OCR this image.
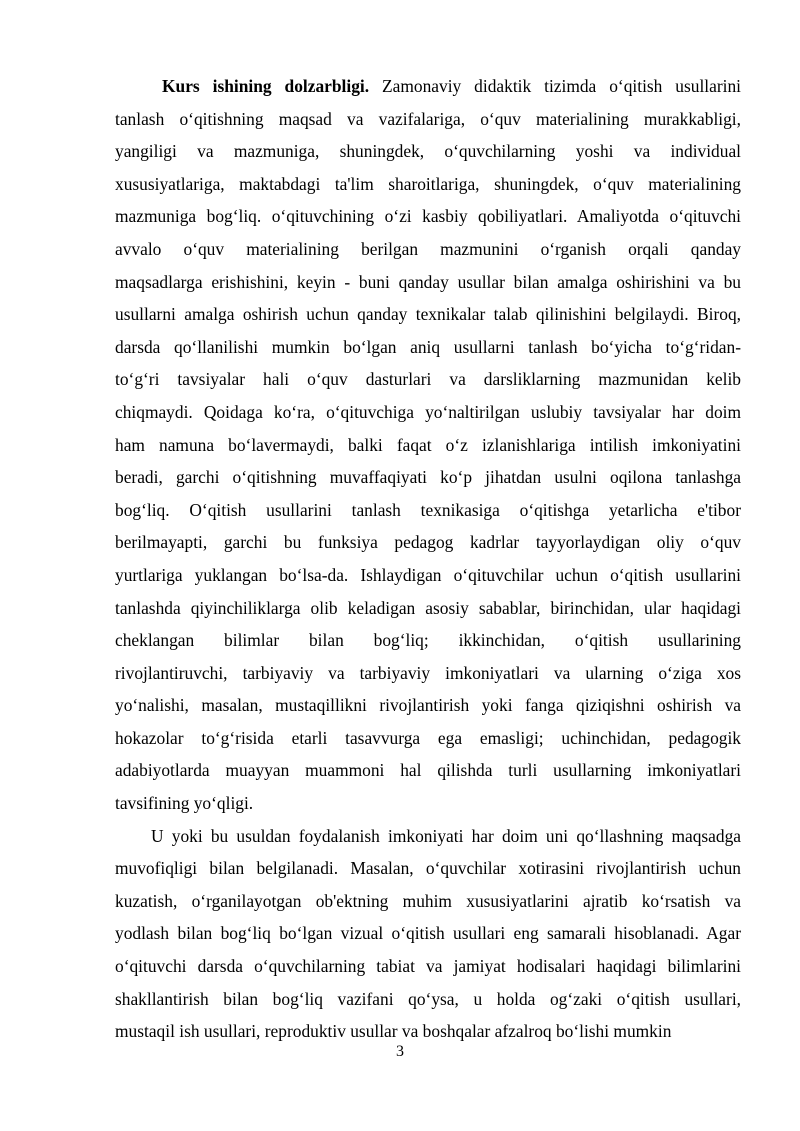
Kurs ishining dolzarbligi. Zamonaviy didaktik tizimda o‘qitish usullarini
tanlash o‘qitishning maqsad va vazifalariga, o‘quv materialining murakkabligi,
yangiligi va mazmuniga, shuningdek, o‘quvchilarning yoshi va individual
xususiyatlariga, maktabdagi ta'lim sharoitlariga, shuningdek, o‘quv materialining
mazmuniga bog‘liq. o‘qituvchining o‘zi kasbiy qobiliyatlari. Amaliyotda o‘qituvchi
avvalo o‘quv materialining berilgan mazmunini o‘rganish orqali qanday
maqsadlarga erishishini, keyin - buni qanday usullar bilan amalga oshirishini va bu
usullarni amalga oshirish uchun qanday texnikalar talab qilinishini belgilaydi. Biroq,
darsda qo‘llanilishi mumkin bo‘lgan aniq usullarni tanlash bo‘yicha to‘g‘ridan-
to‘g‘ri tavsiyalar hali o‘quv dasturlari va darsliklarning mazmunidan kelib
chiqmaydi. Qoidaga ko‘ra, o‘qituvchiga yo‘naltirilgan uslubiy tavsiyalar har doim
ham namuna bo‘lavermaydi, balki faqat o‘z izlanishlariga intilish imkoniyatini
beradi, garchi o‘qitishning muvaffaqiyati ko‘p jihatdan usulni oqilona tanlashga
bog‘liq. O‘qitish usullarini tanlash texnikasiga o‘qitishga yetarlicha e'tibor
berilmayapti, garchi bu funksiya pedagog kadrlar tayyorlaydigan oliy o‘quv
yurtlariga yuklangan bo‘lsa-da. Ishlaydigan o‘qituvchilar uchun o‘qitish usullarini
tanlashda qiyinchiliklarga olib keladigan asosiy sabablar, birinchidan, ular haqidagi
cheklangan bilimlar bilan bog‘liq; ikkinchidan, o‘qitish usullarining
rivojlantiruvchi, tarbiyaviy va tarbiyaviy imkoniyatlari va ularning o‘ziga xos
yo‘nalishi, masalan, mustaqillikni rivojlantirish yoki fanga qiziqishni oshirish va
hokazolar to‘g‘risida etarli tasavvurga ega emasligi; uchinchidan, pedagogik
adabiyotlarda muayyan muammoni hal qilishda turli usullarning imkoniyatlari
tavsifining yo‘qligi.
U yoki bu usuldan foydalanish imkoniyati har doim uni qo‘llashning maqsadga
muvofiqligi bilan belgilanadi. Masalan, o‘quvchilar xotirasini rivojlantirish uchun
kuzatish, o‘rganilayotgan ob'ektning muhim xususiyatlarini ajratib ko‘rsatish va
yodlash bilan bog‘liq bo‘lgan vizual o‘qitish usullari eng samarali hisoblanadi. Agar
o‘qituvchi darsda o‘quvchilarning tabiat va jamiyat hodisalari haqidagi bilimlarini
shakllantirish bilan bog‘liq vazifani qo‘ysa, u holda og‘zaki o‘qitish usullari,
mustaqil ish usullari, reproduktiv usullar va boshqalar afzalroq bo‘lishi mumkin
3
